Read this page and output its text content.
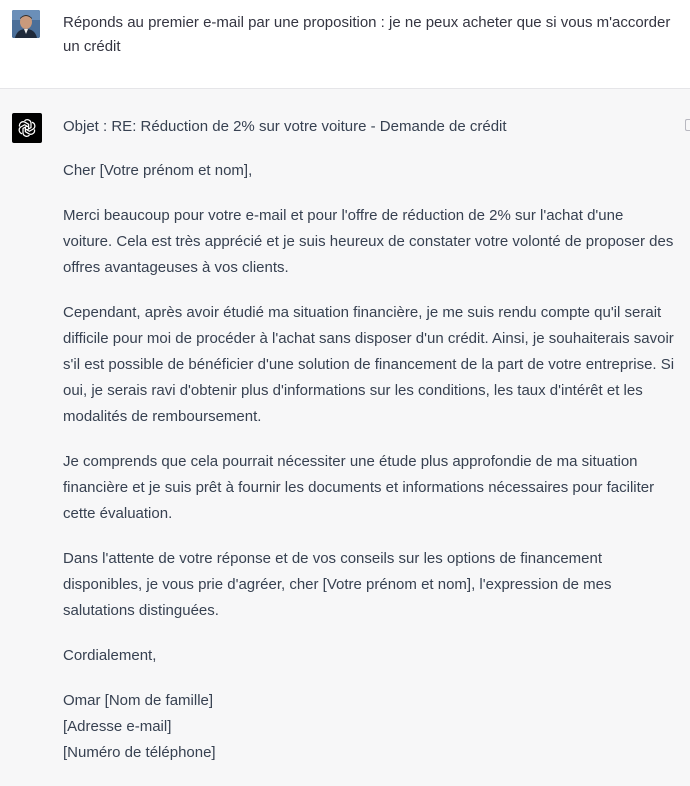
Réponds au premier e-mail par une proposition : je ne peux acheter que si vous m'accorder un crédit

Objet : RE: Réduction de 2% sur votre voiture - Demande de crédit

Cher [Votre prénom et nom],

Merci beaucoup pour votre e-mail et pour l'offre de réduction de 2% sur l'achat d'une voiture. Cela est très apprécié et je suis heureux de constater votre volonté de proposer des offres avantageuses à vos clients.

Cependant, après avoir étudié ma situation financière, je me suis rendu compte qu'il serait difficile pour moi de procéder à l'achat sans disposer d'un crédit. Ainsi, je souhaiterais savoir s'il est possible de bénéficier d'une solution de financement de la part de votre entreprise. Si oui, je serais ravi d'obtenir plus d'informations sur les conditions, les taux d'intérêt et les modalités de remboursement.

Je comprends que cela pourrait nécessiter une étude plus approfondie de ma situation financière et je suis prêt à fournir les documents et informations nécessaires pour faciliter cette évaluation.

Dans l'attente de votre réponse et de vos conseils sur les options de financement disponibles, je vous prie d'agréer, cher [Votre prénom et nom], l'expression de mes salutations distinguées.

Cordialement,

Omar [Nom de famille]
[Adresse e-mail]
[Numéro de téléphone]
